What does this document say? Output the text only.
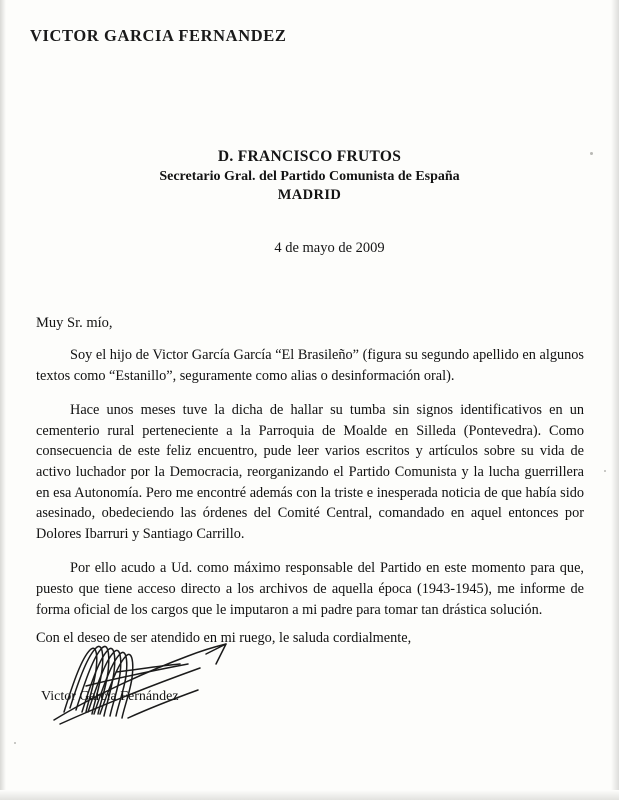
VICTOR GARCIA FERNANDEZ
D. FRANCISCO FRUTOS
Secretario Gral. del Partido Comunista de España
MADRID
4 de mayo de 2009
Muy Sr. mío,

Soy el hijo de Victor García García “El Brasileño” (figura su segundo apellido en algunos textos como “Estanillo”, seguramente como alias o desinformación oral).

Hace unos meses tuve la dicha de hallar su tumba sin signos identificativos en un cementerio rural perteneciente a la Parroquia de Moalde en Silleda (Pontevedra). Como consecuencia de este feliz encuentro, pude leer varios escritos y artículos sobre su vida de activo luchador por la Democracia, reorganizando el Partido Comunista y la lucha guerrillera en esa Autonomía. Pero me encontré además con la triste e inesperada noticia de que había sido asesinado, obedeciendo las órdenes del Comité Central, comandado en aquel entonces por Dolores Ibarruri y Santiago Carrillo.

Por ello acudo a Ud. como máximo responsable del Partido en este momento para que, puesto que tiene acceso directo a los archivos de aquella época (1943-1945), me informe de forma oficial de los cargos que le imputaron a mi padre para tomar tan drástica solución.

Con el deseo de ser atendido en mi ruego, le saluda cordialmente,
Victor García Fernández
